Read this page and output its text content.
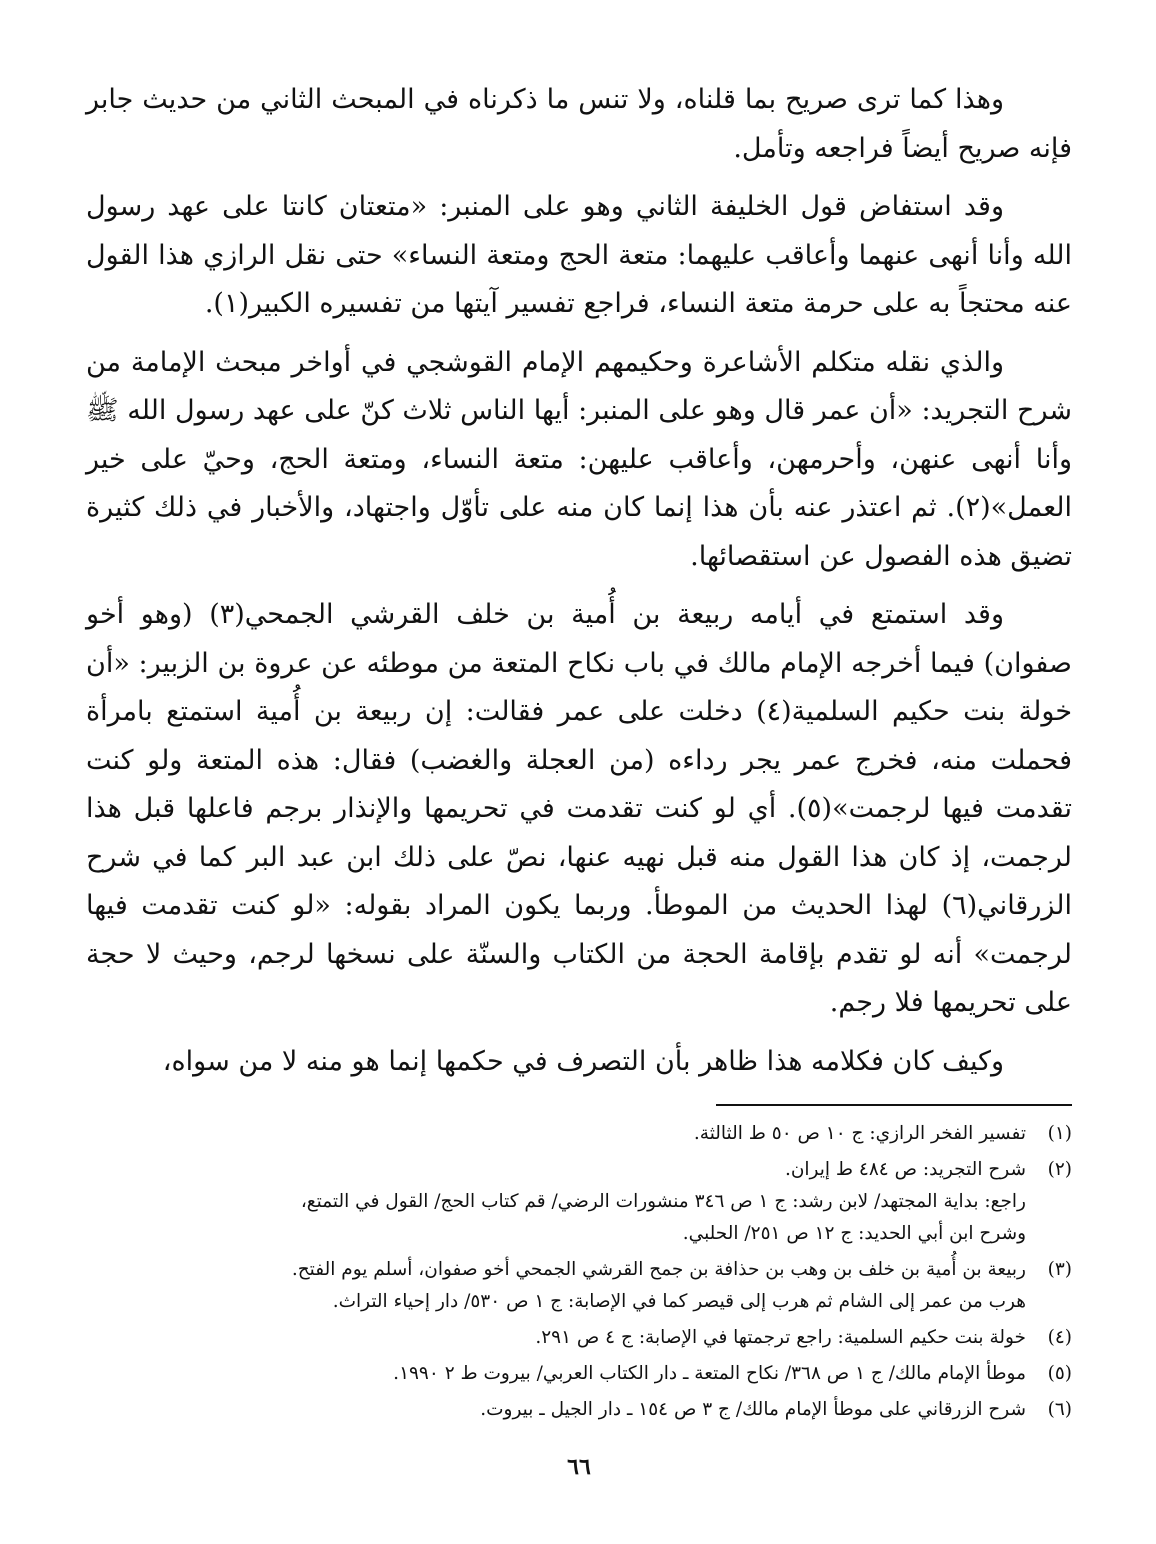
وهذا كما ترى صريح بما قلناه، ولا تنس ما ذكرناه في المبحث الثاني من حديث جابر فإنه صريح أيضاً فراجعه وتأمل.

وقد استفاض قول الخليفة الثاني وهو على المنبر: «متعتان كانتا على عهد رسول الله وأنا أنهى عنهما وأعاقب عليهما: متعة الحج ومتعة النساء» حتى نقل الرازي هذا القول عنه محتجاً به على حرمة متعة النساء، فراجع تفسير آيتها من تفسيره الكبير(١).

والذي نقله متكلم الأشاعرة وحكيمهم الإمام القوشجي في أواخر مبحث الإمامة من شرح التجريد: «أن عمر قال وهو على المنبر: أيها الناس ثلاث كنّ على عهد رسول الله ﷺ وأنا أنهى عنهن، وأحرمهن، وأعاقب عليهن: متعة النساء، ومتعة الحج، وحيّ على خير العمل»(٢). ثم اعتذر عنه بأن هذا إنما كان منه على تأوّل واجتهاد، والأخبار في ذلك كثيرة تضيق هذه الفصول عن استقصائها.

وقد استمتع في أيامه ربيعة بن أُمية بن خلف القرشي الجمحي(٣) (وهو أخو صفوان) فيما أخرجه الإمام مالك في باب نكاح المتعة من موطئه عن عروة بن الزبير: «أن خولة بنت حكيم السلمية(٤) دخلت على عمر فقالت: إن ربيعة بن أُمية استمتع بامرأة فحملت منه، فخرج عمر يجر رداءه (من العجلة والغضب) فقال: هذه المتعة ولو كنت تقدمت فيها لرجمت»(٥). أي لو كنت تقدمت في تحريمها والإنذار برجم فاعلها قبل هذا لرجمت، إذ كان هذا القول منه قبل نهيه عنها، نصّ على ذلك ابن عبد البر كما في شرح الزرقاني(٦) لهذا الحديث من الموطأ. وربما يكون المراد بقوله: «لو كنت تقدمت فيها لرجمت» أنه لو تقدم بإقامة الحجة من الكتاب والسنّة على نسخها لرجم، وحيث لا حجة على تحريمها فلا رجم.

وكيف كان فكلامه هذا ظاهر بأن التصرف في حكمها إنما هو منه لا من سواه،

(١)
تفسير الفخر الرازي: ج ١٠ ص ٥٠ ط الثالثة.
(٢)
شرح التجريد: ص ٤٨٤ ط إيران.
راجع: بداية المجتهد/ لابن رشد: ج ١ ص ٣٤٦ منشورات الرضي/ قم كتاب الحج/ القول في التمتع،
وشرح ابن أبي الحديد: ج ١٢ ص ٢٥١/ الحلبي.
(٣)
ربيعة بن أُمية بن خلف بن وهب بن حذافة بن جمح القرشي الجمحي أخو صفوان، أسلم يوم الفتح.
هرب من عمر إلى الشام ثم هرب إلى قيصر كما في الإصابة: ج ١ ص ٥٣٠/ دار إحياء التراث.
(٤)
خولة بنت حكيم السلمية: راجع ترجمتها في الإصابة: ج ٤ ص ٢٩١.
(٥)
موطأ الإمام مالك/ ج ١ ص ٣٦٨/ نكاح المتعة ـ دار الكتاب العربي/ بيروت ط ٢ ١٩٩٠.
(٦)
شرح الزرقاني على موطأ الإمام مالك/ ج ٣ ص ١٥٤ ـ دار الجيل ـ بيروت.
٦٦
